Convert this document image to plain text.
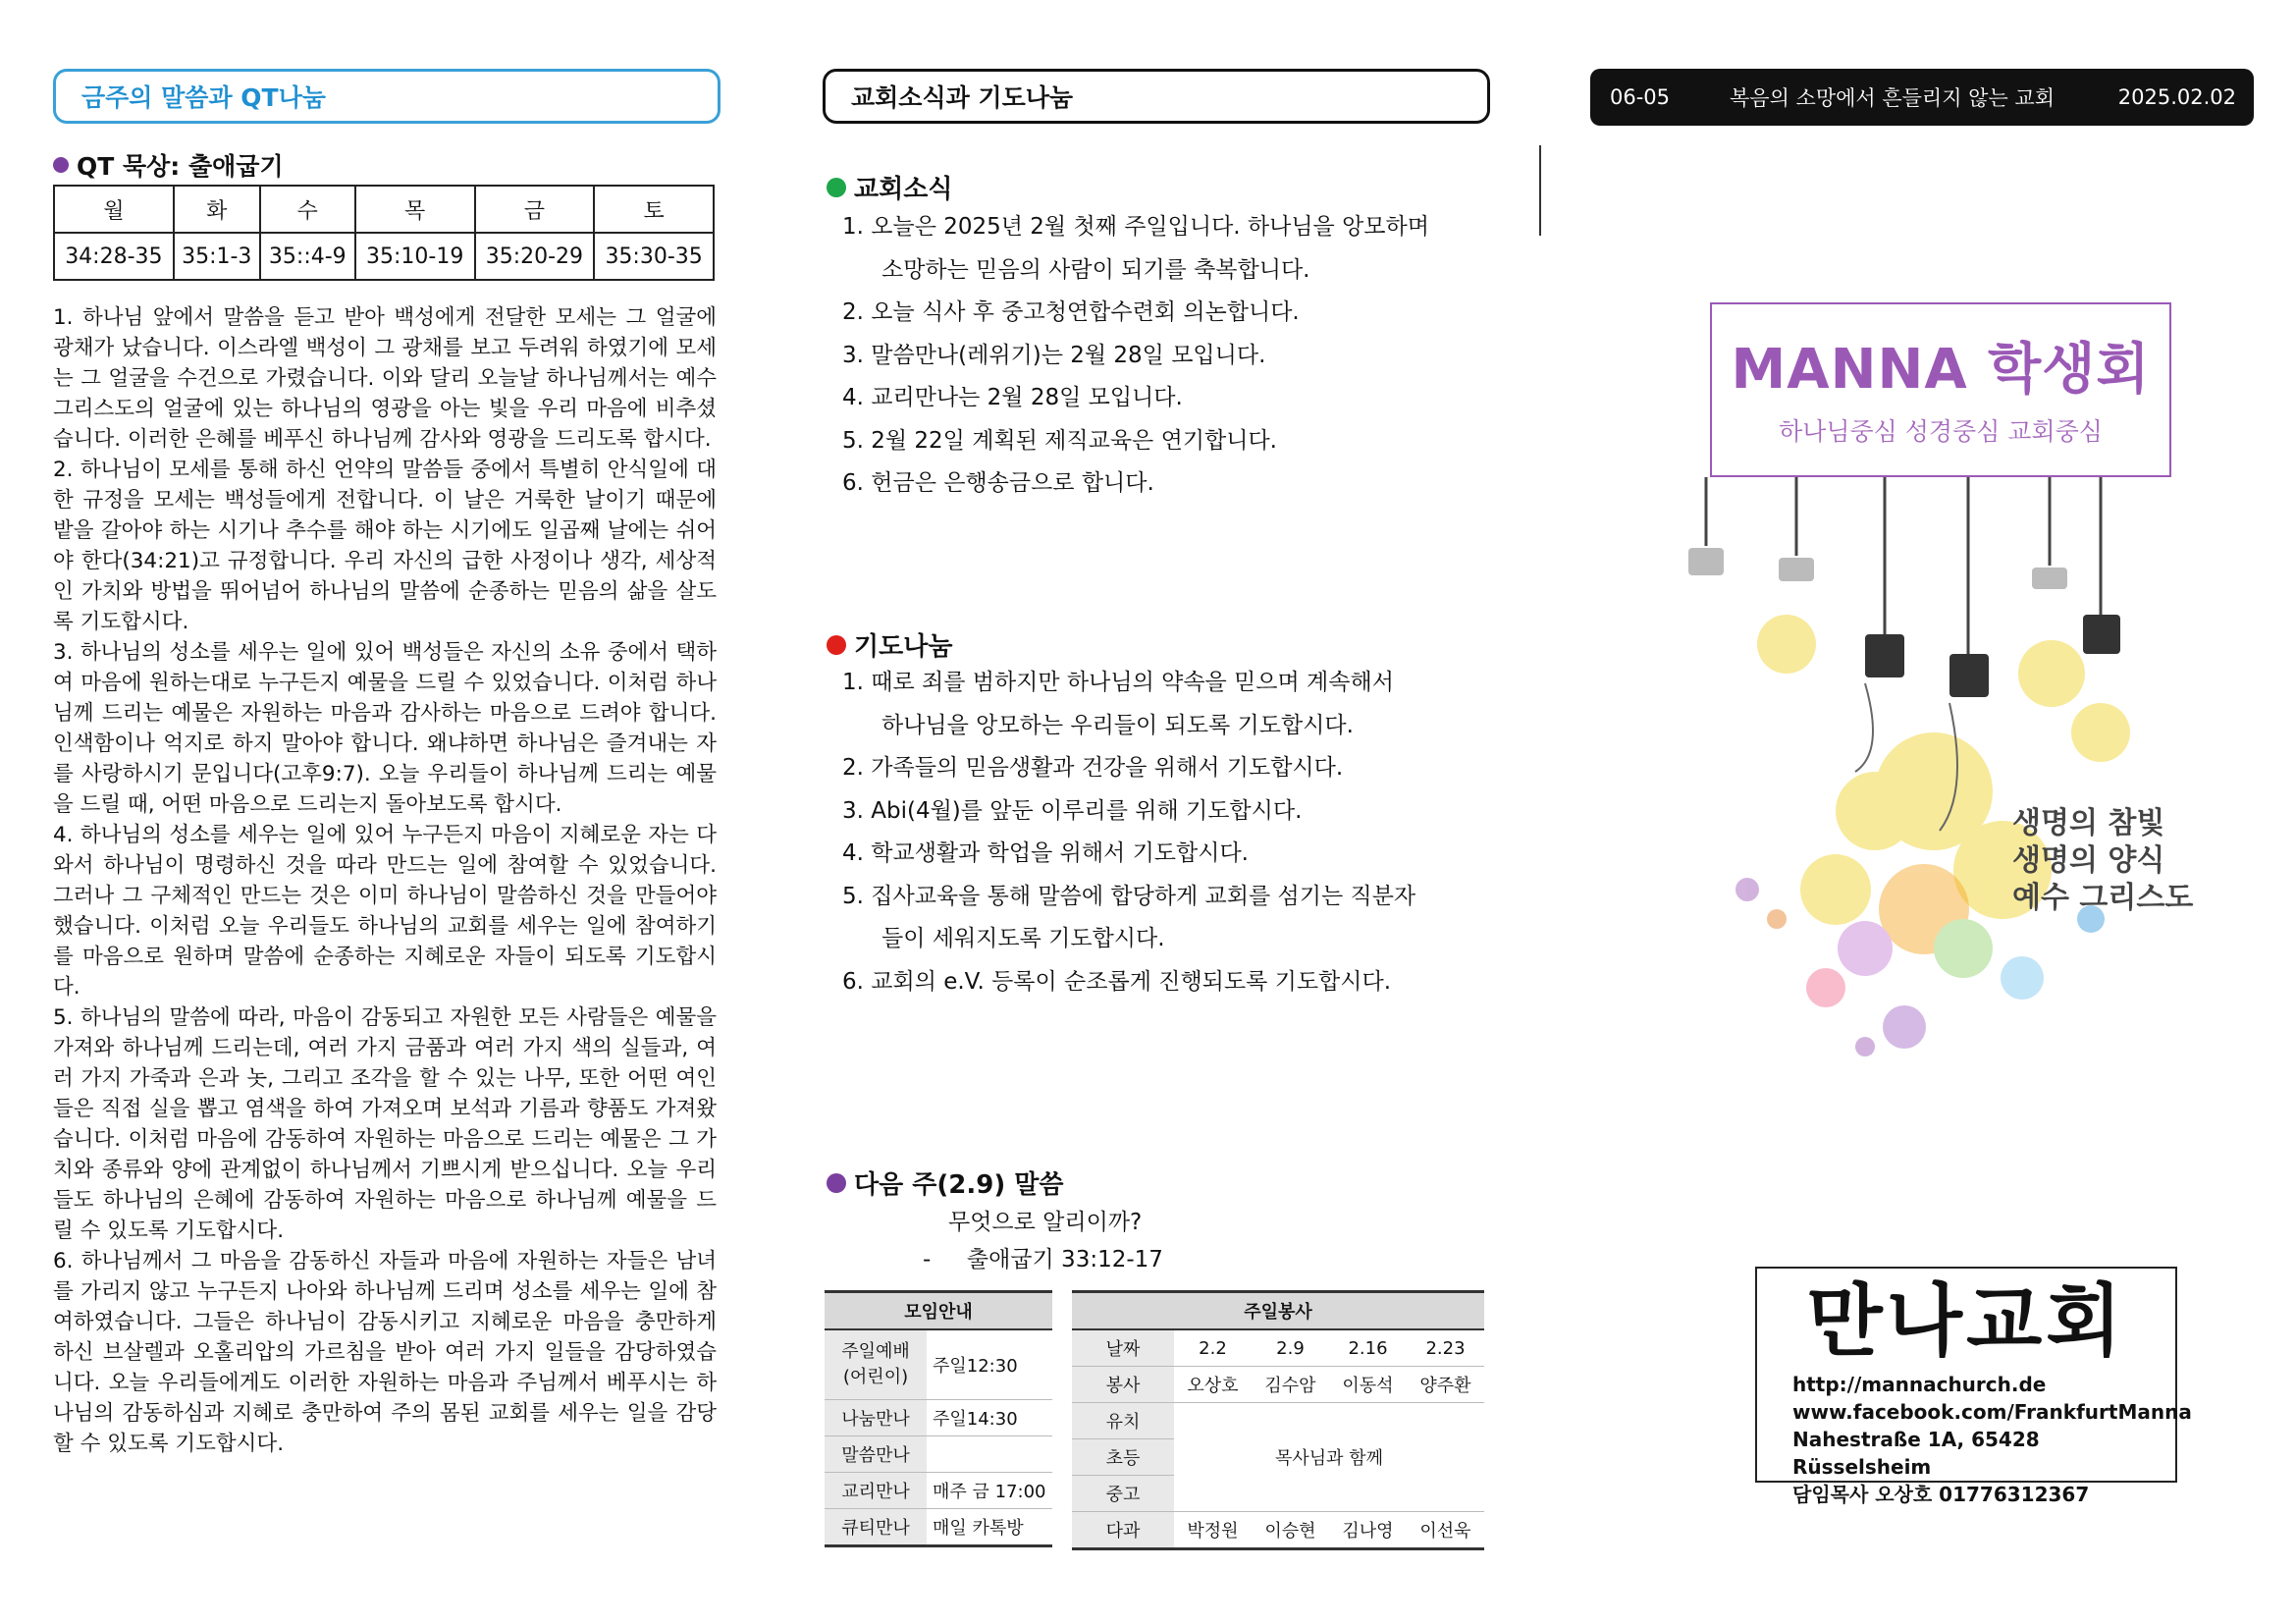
금주의 말씀과 QT나눔
QT 묵상: 출애굽기
월	화	수	목	금	토
34:28-35	35:1-3	35::4-9	35:10-19	35:20-29	35:30-35

1. 하나님 앞에서 말씀을 듣고 받아 백성에게 전달한 모세는 그 얼굴에 광채가 났습니다. 이스라엘 백성이 그 광채를 보고 두려워 하였기에 모세는 그 얼굴을 수건으로 가렸습니다. 이와 달리 오늘날 하나님께서는 예수 그리스도의 얼굴에 있는 하나님의 영광을 아는 빛을 우리 마음에 비추셨습니다. 이러한 은혜를 베푸신 하나님께 감사와 영광을 드리도록 합시다.

2. 하나님이 모세를 통해 하신 언약의 말씀들 중에서 특별히 안식일에 대한 규정을 모세는 백성들에게 전합니다. 이 날은 거룩한 날이기 때문에 밭을 갈아야 하는 시기나 추수를 해야 하는 시기에도 일곱째 날에는 쉬어야 한다(34:21)고 규정합니다. 우리 자신의 급한 사정이나 생각, 세상적인 가치와 방법을 뛰어넘어 하나님의 말씀에 순종하는 믿음의 삶을 살도록 기도합시다.

3. 하나님의 성소를 세우는 일에 있어 백성들은 자신의 소유 중에서 택하여 마음에 원하는대로 누구든지 예물을 드릴 수 있었습니다. 이처럼 하나님께 드리는 예물은 자원하는 마음과 감사하는 마음으로 드려야 합니다. 인색함이나 억지로 하지 말아야 합니다. 왜냐하면 하나님은 즐겨내는 자를 사랑하시기 문입니다(고후9:7). 오늘 우리들이 하나님께 드리는 예물을 드릴 때, 어떤 마음으로 드리는지 돌아보도록 합시다.

4. 하나님의 성소를 세우는 일에 있어 누구든지 마음이 지혜로운 자는 다 와서 하나님이 명령하신 것을 따라 만드는 일에 참여할 수 있었습니다. 그러나 그 구체적인 만드는 것은 이미 하나님이 말씀하신 것을 만들어야 했습니다. 이처럼 오늘 우리들도 하나님의 교회를 세우는 일에 참여하기를 마음으로 원하며 말씀에 순종하는 지혜로운 자들이 되도록 기도합시다.

5. 하나님의 말씀에 따라, 마음이 감동되고 자원한 모든 사람들은 예물을 가져와 하나님께 드리는데, 여러 가지 금품과 여러 가지 색의 실들과, 여러 가지 가죽과 은과 놋, 그리고 조각을 할 수 있는 나무, 또한 어떤 여인들은 직접 실을 뽑고 염색을 하여 가져오며 보석과 기름과 향품도 가져왔습니다. 이처럼 마음에 감동하여 자원하는 마음으로 드리는 예물은 그 가치와 종류와 양에 관계없이 하나님께서 기쁘시게 받으십니다. 오늘 우리들도 하나님의 은혜에 감동하여 자원하는 마음으로 하나님께 예물을 드릴 수 있도록 기도합시다.

6. 하나님께서 그 마음을 감동하신 자들과 마음에 자원하는 자들은 남녀를 가리지 않고 누구든지 나아와 하나님께 드리며 성소를 세우는 일에 참여하였습니다. 그들은 하나님이 감동시키고 지혜로운 마음을 충만하게 하신 브살렐과 오홀리압의 가르침을 받아 여러 가지 일들을 감당하였습니다. 오늘 우리들에게도 이러한 자원하는 마음과 주님께서 베푸시는 하나님의 감동하심과 지혜로 충만하여 주의 몸된 교회를 세우는 일을 감당할 수 있도록 기도합시다.

교회소식과 기도나눔
교회소식
1. 오늘은 2025년 2월 첫째 주일입니다. 하나님을 앙모하며
소망하는 믿음의 사람이 되기를 축복합니다.
2. 오늘 식사 후 중고청연합수련회 의논합니다.
3. 말씀만나(레위기)는 2월 28일 모입니다.
4. 교리만나는 2월 28일 모입니다.
5. 2월 22일 계획된 제직교육은 연기합니다.
6. 헌금은 은행송금으로 합니다.
기도나눔
1. 때로 죄를 범하지만 하나님의 약속을 믿으며 계속해서
하나님을 앙모하는 우리들이 되도록 기도합시다.
2. 가족들의 믿음생활과 건강을 위해서 기도합시다.
3. Abi(4월)를 앞둔 이루리를 위해 기도합시다.
4. 학교생활과 학업을 위해서 기도합시다.
5. 집사교육을 통해 말씀에 합당하게 교회를 섬기는 직분자
들이 세워지도록 기도합시다.
6. 교회의 e.V. 등록이 순조롭게 진행되도록 기도합시다.
다음 주(2.9) 말씀
무엇으로 알리이까?
- 출애굽기 33:12-17
모임안내	
주일예배
(어린이)	주일12:30
나눔만나	주일14:30
말씀만나	
교리만나	매주 금 17:00
큐티만나	매일 카톡방
주일봉사				
날짜	2.2	2.9	2.16	2.23
봉사	오상호	김수암	이동석	양주환
유치	목사님과 함께			
초등				
중고				
다과	박정원	이승현	김나영	이선욱
06-05	복음의 소망에서 흔들리지 않는 교회	2025.02.02
MANNA 학생회
하나님중심 성경중심 교회중심
생명의 참빛
생명의 양식
예수 그리스도
만나교회
http://mannachurch.de
www.facebook.com/FrankfurtManna
Nahestraße 1A, 65428 Rüsselsheim
담임목사 오상호 01776312367
